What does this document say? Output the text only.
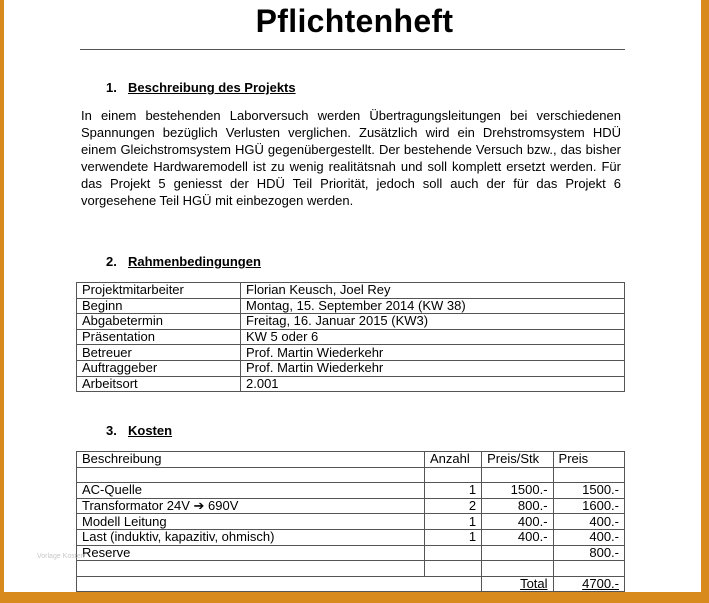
Pflichtenheft
1. Beschreibung des Projekts
In einem bestehenden Laborversuch werden Übertragungsleitungen bei verschiedenen Spannungen bezüglich Verlusten verglichen. Zusätzlich wird ein Drehstromsystem HDÜ einem Gleichstromsystem HGÜ gegenübergestellt. Der bestehende Versuch bzw., das bisher verwendete Hardwaremodell ist zu wenig realitätsnah und soll komplett ersetzt werden. Für das Projekt 5 geniesst der HDÜ Teil Priorität, jedoch soll auch der für das Projekt 6 vorgesehene Teil HGÜ mit einbezogen werden.
2. Rahmenbedingungen
Projektmitarbeiter	Florian Keusch, Joel Rey
Beginn	Montag, 15. September 2014 (KW 38)
Abgabetermin	Freitag, 16. Januar 2015 (KW3)
Präsentation	KW 5 oder 6
Betreuer	Prof. Martin Wiederkehr
Auftraggeber	Prof. Martin Wiederkehr
Arbeitsort	2.001
3. Kosten
Beschreibung	Anzahl	Preis/Stk	Preis

AC-Quelle	1	1500.-	1500.-
Transformator 24V ➔ 690V	2	800.-	1600.-
Modell Leitung	1	400.-	400.-
Last (induktiv, kapazitiv, ohmisch)	1	400.-	400.-
Reserve			800.-

		Total	4700.-
Vorlage Kosten
